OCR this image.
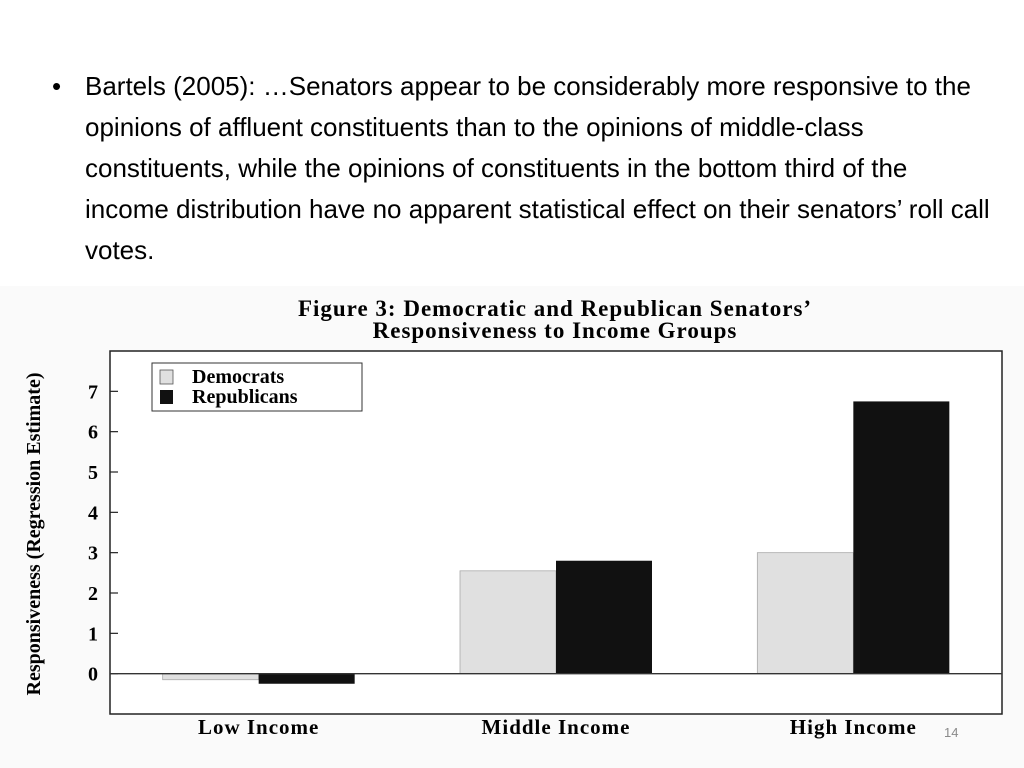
• Bartels (2005): …Senators appear to be considerably more responsive to the opinions of affluent constituents than to the opinions of middle-class constituents, while the opinions of constituents in the bottom third of the income distribution have no apparent statistical effect on their senators’ roll call votes.
Figure 3: Democratic and Republican Senators’
Responsiveness to Income Groups
Responsiveness (Regression Estimate) 0
1
2
3
4
5
6
7
Low Income	Middle Income	High Income
Democrats
Republicans
14
